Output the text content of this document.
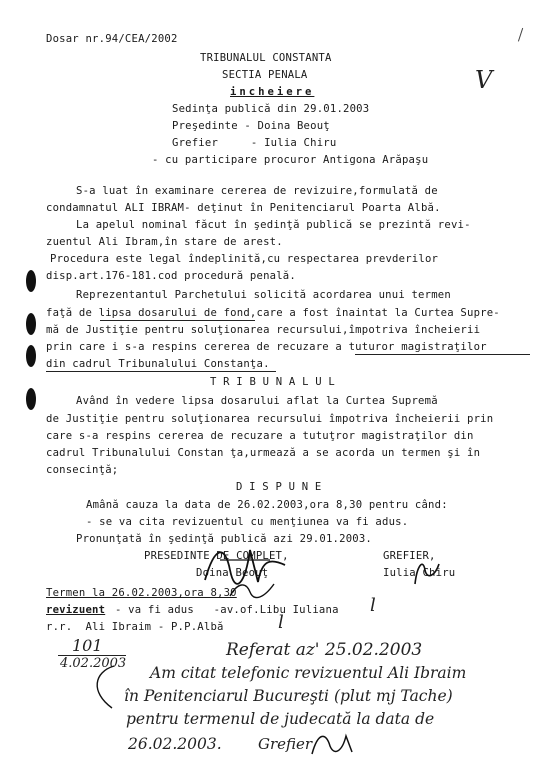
Dosar nr.94/CEA/2002
TRIBUNALUL CONSTANTA
SECTIA PENALA
incheiere
Sedinţa publică din 29.01.2003
Preşedinte - Doina Beouţ
Grefier     - Iulia Chiru
- cu participare procuror Antigona Arăpaşu
V
S-a luat în examinare cererea de revizuire,formulată de
condamnatul ALI IBRAM- deţinut în Penitenciarul Poarta Albă.
La apelul nominal făcut în şedinţă publică se prezintă revi-
zuentul Ali Ibram,în stare de arest.
Procedura este legal îndeplinită,cu respectarea prevderilor
disp.art.176-181.cod procedură penală.
Reprezentantul Parchetului solicită acordarea unui termen
faţă de lipsa dosarului de fond,care a fost înaintat la Curtea Supre-
mă de Justiţie pentru soluţionarea recursului,împotriva încheierii
prin care i s-a respins cererea de recuzare a tuturor magistraţilor
din cadrul Tribunalului Constanţa.
T R I B U N A L U L
Având în vedere lipsa dosarului aflat la Curtea Supremă
de Justiţie pentru soluţionarea recursului împotriva încheierii prin
care s-a respins cererea de recuzare a tutuţror magistraţilor din
cadrul Tribunalului Constan ţa,urmează a se acorda un termen şi în
consecinţă;
D I S P U N E
Amână cauza la data de 26.02.2003,ora 8,30 pentru când:
- se va cita revizuentul cu menţiunea va fi adus.
Pronunţată în şedinţă publică azi 29.01.2003.
PRESEDINTE DE COMPLET,	GREFIER,
Doina Beouţ	Iulia Chiru
Termen la 26.02.2003,ora 8,30
revizuent - va fi adus   -av.of.Libu Iuliana
r.r.  Ali Ibraim - P.P.Albă
l
l
101
4.02.2003
Referat az' 25.02.2003
Am citat telefonic revizuentul Ali Ibraim
în Penitenciarul Bucureşti (plut mj Tache)
pentru termenul de judecată la data de
26.02.2003. Grefier
